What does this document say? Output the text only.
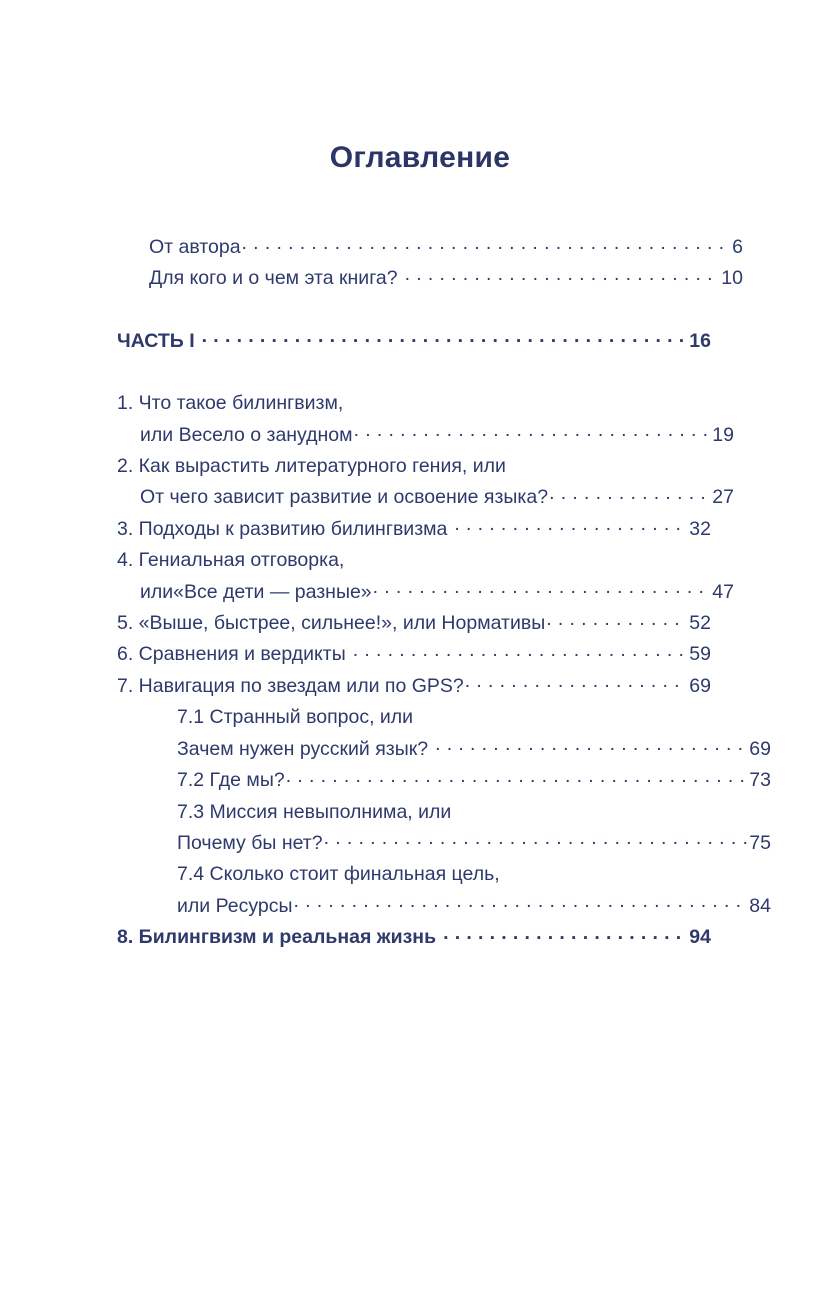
Оглавление
От автора . . .	6
Для кого и о чем эта книга? . . .	10
ЧАСТЬ I . . .	16
1. Что такое билингвизм,
или Весело о занудном . . .	19
2. Как вырастить литературного гения, или
От чего зависит развитие и освоение языка? . . .	27
3. Подходы к развитию билингвизма . . .	32
4. Гениальная отговорка,
или«Все дети — разные» . . .	47
5. «Выше, быстрее, сильнее!», или Нормативы . . .	52
6. Сравнения и вердикты . . .	59
7. Навигация по звездам или по GPS? . . .	69
7.1 Странный вопрос, или
Зачем нужен русский язык? . . .	69
7.2 Где мы? . . .	73
7.3 Миссия невыполнима, или
Почему бы нет? . . .	75
7.4 Сколько стоит финальная цель,
или Ресурсы . . .	84
8. Билингвизм и реальная жизнь . . .	94
